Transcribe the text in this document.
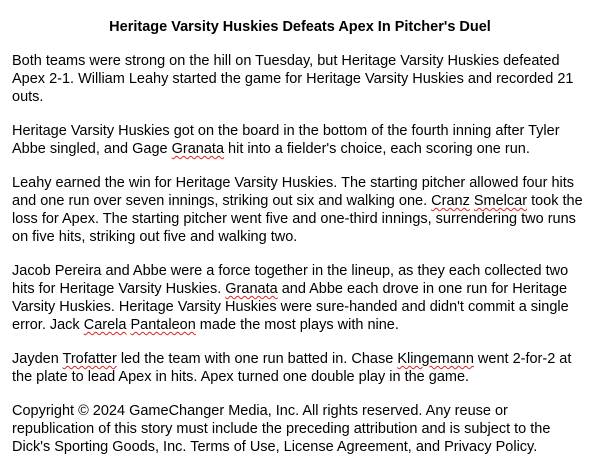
Heritage Varsity Huskies Defeats Apex In Pitcher's Duel

Both teams were strong on the hill on Tuesday, but Heritage Varsity Huskies defeated Apex 2-1. William Leahy started the game for Heritage Varsity Huskies and recorded 21 outs.

Heritage Varsity Huskies got on the board in the bottom of the fourth inning after Tyler Abbe singled, and Gage Granata hit into a fielder's choice, each scoring one run.

Leahy earned the win for Heritage Varsity Huskies. The starting pitcher allowed four hits and one run over seven innings, striking out six and walking one. Cranz Smelcar took the loss for Apex. The starting pitcher went five and one-third innings, surrendering two runs on five hits, striking out five and walking two.

Jacob Pereira and Abbe were a force together in the lineup, as they each collected two hits for Heritage Varsity Huskies. Granata and Abbe each drove in one run for Heritage Varsity Huskies. Heritage Varsity Huskies were sure-handed and didn't commit a single error. Jack Carela Pantaleon made the most plays with nine.

Jayden Trofatter led the team with one run batted in. Chase Klingemann went 2-for-2 at the plate to lead Apex in hits. Apex turned one double play in the game.

Copyright © 2024 GameChanger Media, Inc. All rights reserved. Any reuse or republication of this story must include the preceding attribution and is subject to the Dick's Sporting Goods, Inc. Terms of Use, License Agreement, and Privacy Policy.
